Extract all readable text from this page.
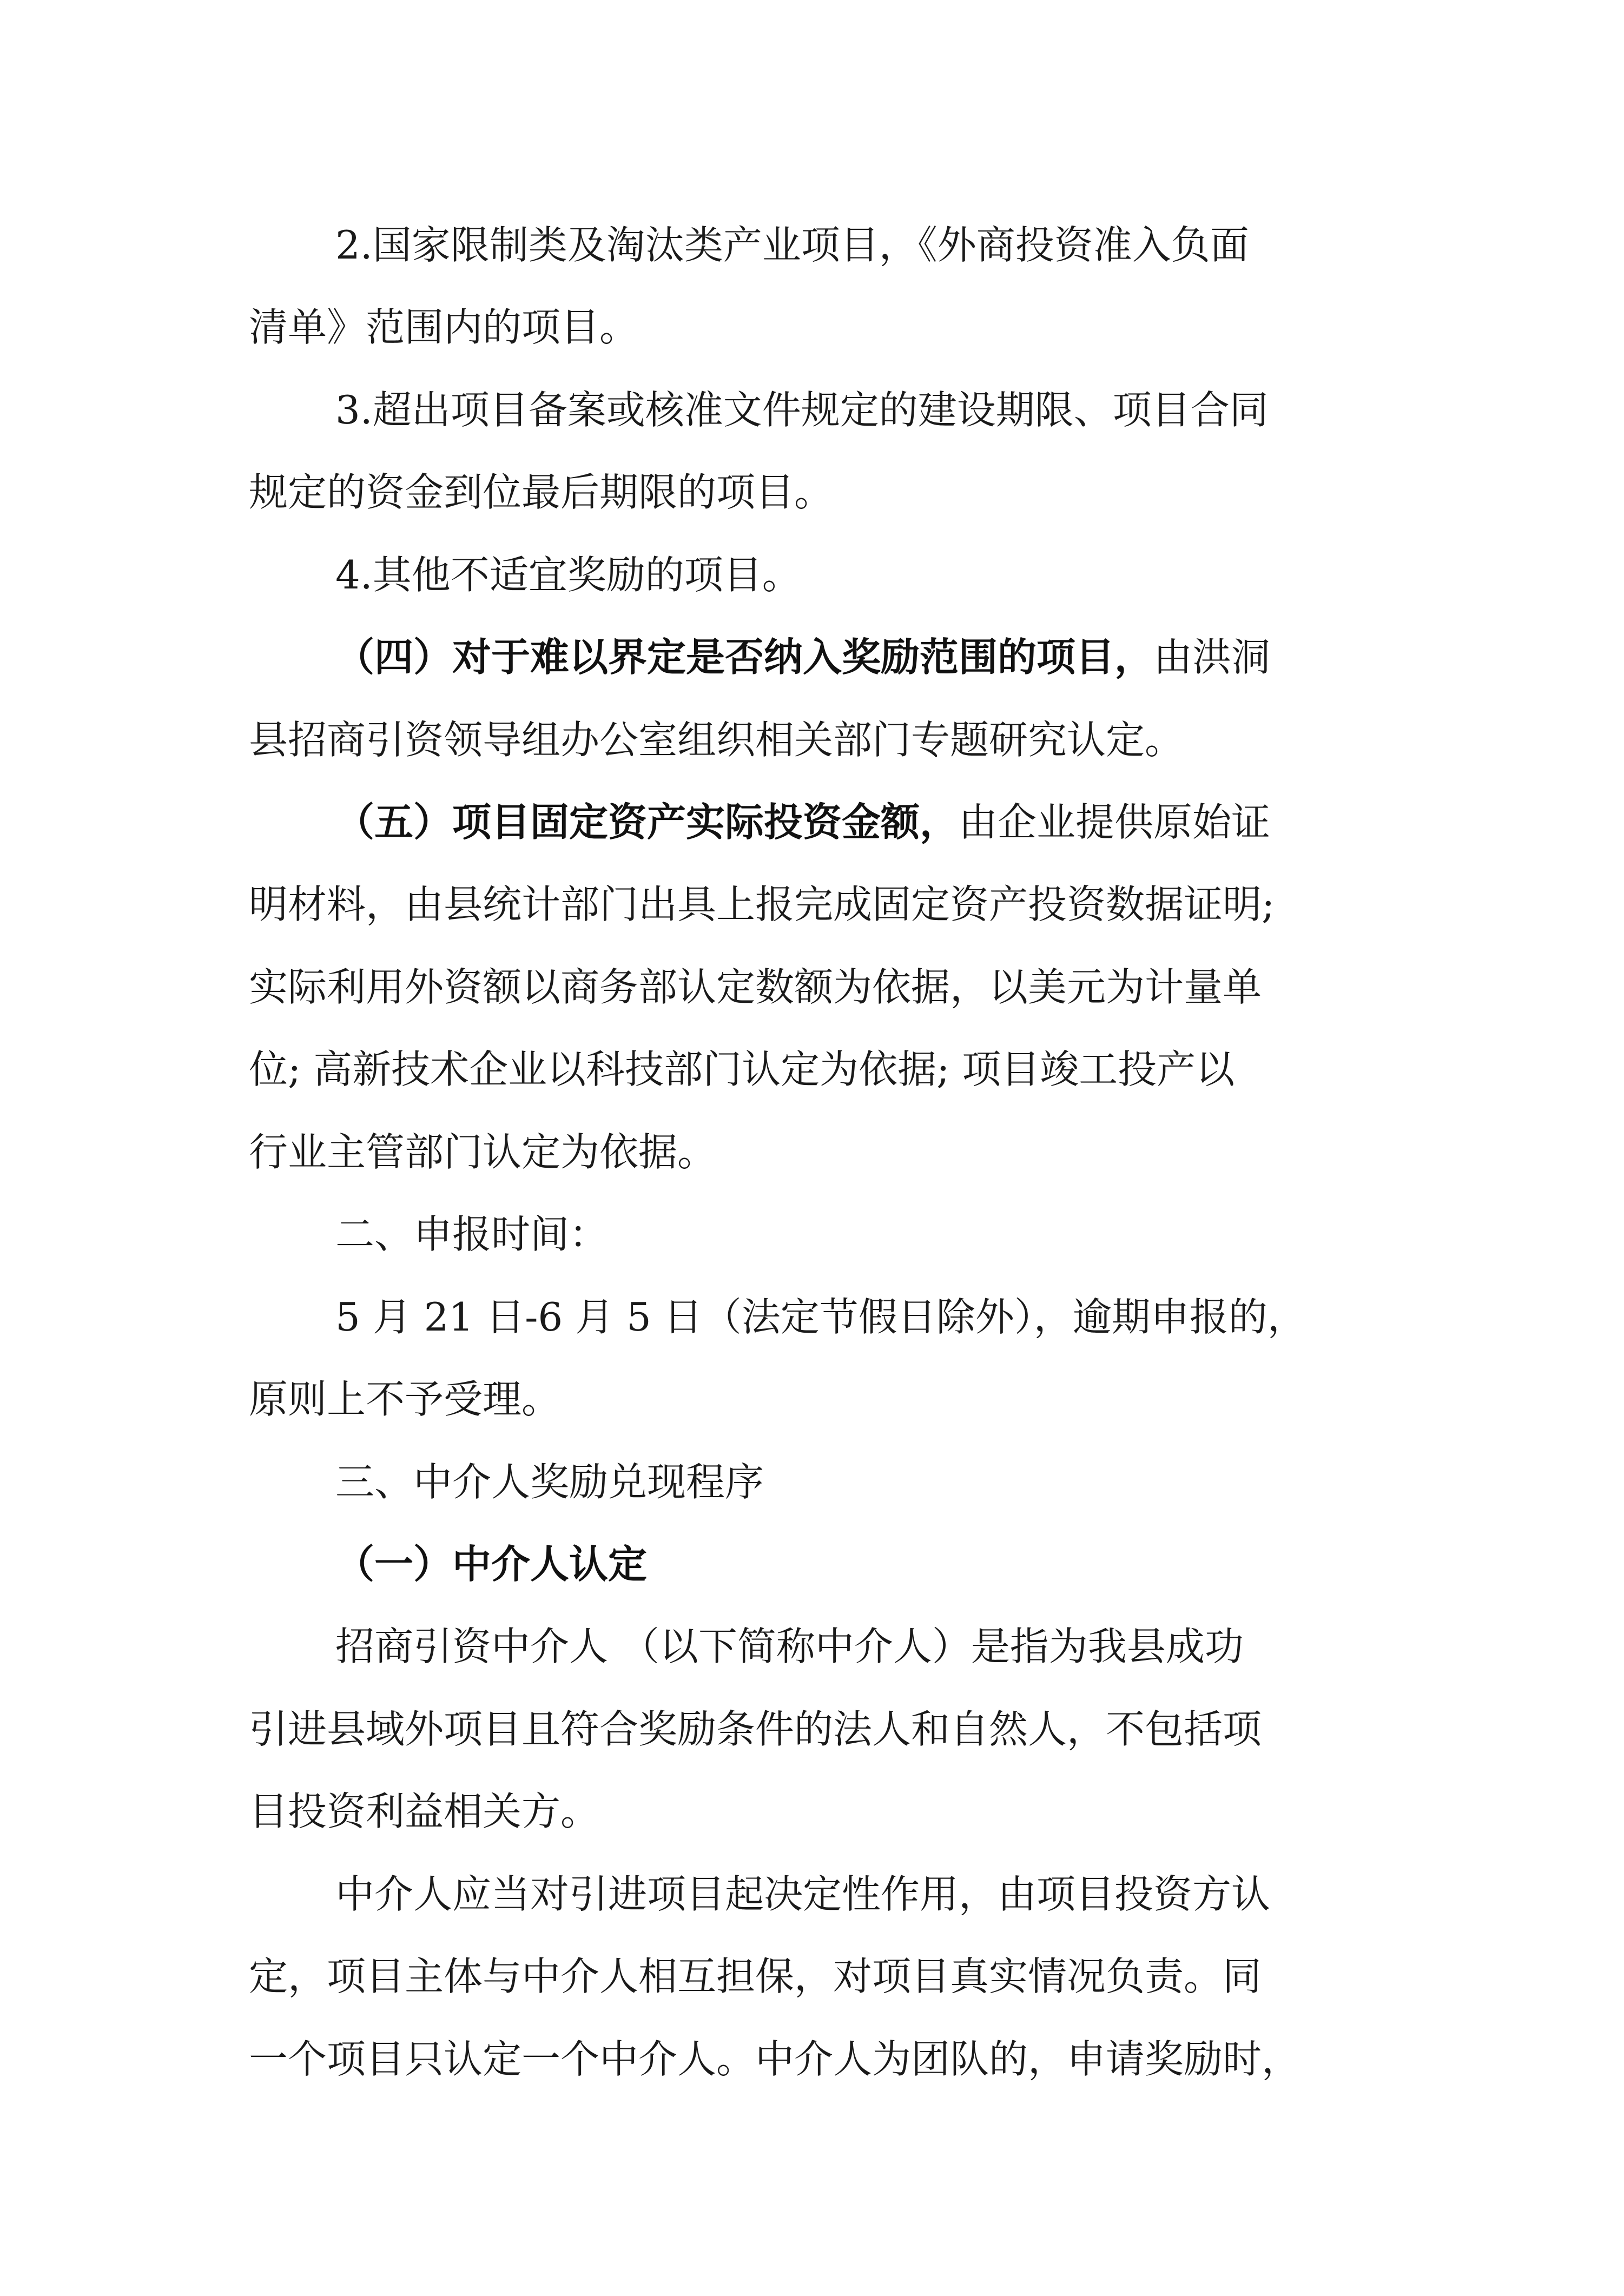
2.国家限制类及淘汰类产业项目，《外商投资准入负面
清单》范围内的项目。
3.超出项目备案或核准文件规定的建设期限、项目合同
规定的资金到位最后期限的项目。
4.其他不适宜奖励的项目。
（四）对于难以界定是否纳入奖励范围的项目，由洪洞
县招商引资领导组办公室组织相关部门专题研究认定。
（五）项目固定资产实际投资金额，由企业提供原始证
明材料，由县统计部门出具上报完成固定资产投资数据证明;
实际利用外资额以商务部认定数额为依据，以美元为计量单
位; 高新技术企业以科技部门认定为依据; 项目竣工投产以
行业主管部门认定为依据。
二、申报时间：
5 月 21 日-6 月 5 日（法定节假日除外），逾期申报的，
原则上不予受理。
三、中介人奖励兑现程序
（一）中介人认定
招商引资中介人 （以下简称中介人）是指为我县成功
引进县域外项目且符合奖励条件的法人和自然人，不包括项
目投资利益相关方。
中介人应当对引进项目起决定性作用，由项目投资方认
定，项目主体与中介人相互担保，对项目真实情况负责。同
一个项目只认定一个中介人。中介人为团队的，申请奖励时，
